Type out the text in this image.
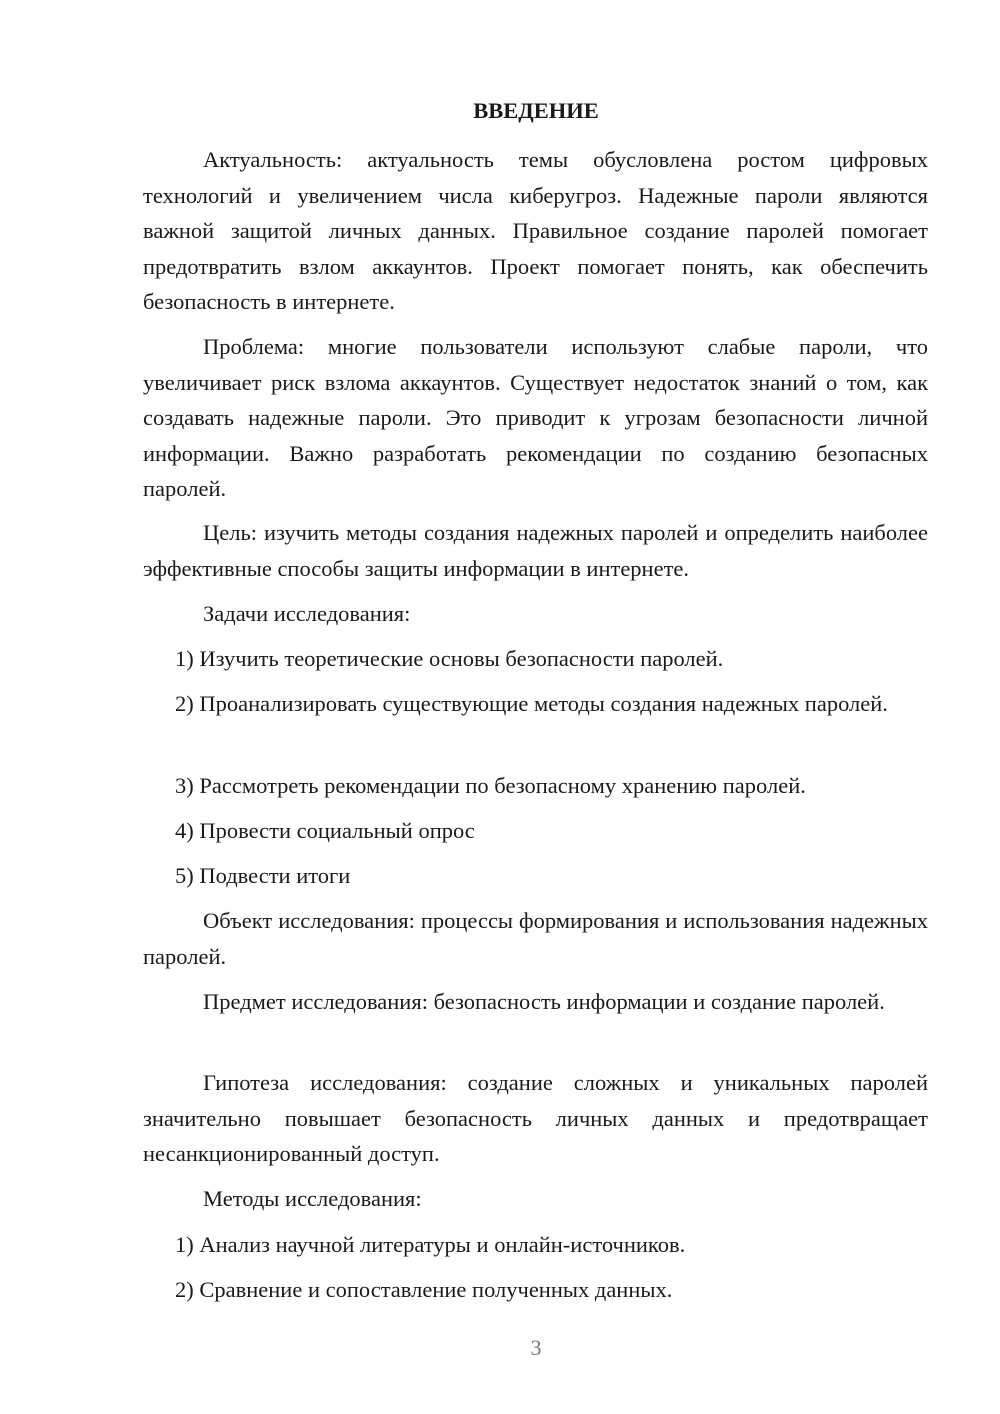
ВВЕДЕНИЕ

Актуальность: актуальность темы обусловлена ростом цифровых технологий и увеличением числа киберугроз. Надежные пароли являются важной защитой личных данных. Правильное создание паролей помогает предотвратить взлом аккаунтов. Проект помогает понять, как обеспечить безопасность в интернете.

Проблема: многие пользователи используют слабые пароли, что увеличивает риск взлома аккаунтов. Существует недостаток знаний о том, как создавать надежные пароли. Это приводит к угрозам безопасности личной информации. Важно разработать рекомендации по созданию безопасных паролей.

Цель: изучить методы создания надежных паролей и определить наиболее эффективные способы защиты информации в интернете.

Задачи исследования:

1) Изучить теоретические основы безопасности паролей.

2) Проанализировать существующие методы создания надежных паролей.

3) Рассмотреть рекомендации по безопасному хранению паролей.

4) Провести социальный опрос

5) Подвести итоги

Объект исследования: процессы формирования и использования надежных паролей.

Предмет исследования: безопасность информации и создание паролей.

Гипотеза исследования: создание сложных и уникальных паролей значительно повышает безопасность личных данных и предотвращает несанкционированный доступ.

Методы исследования:

1) Анализ научной литературы и онлайн-источников.

2) Сравнение и сопоставление полученных данных.

3
